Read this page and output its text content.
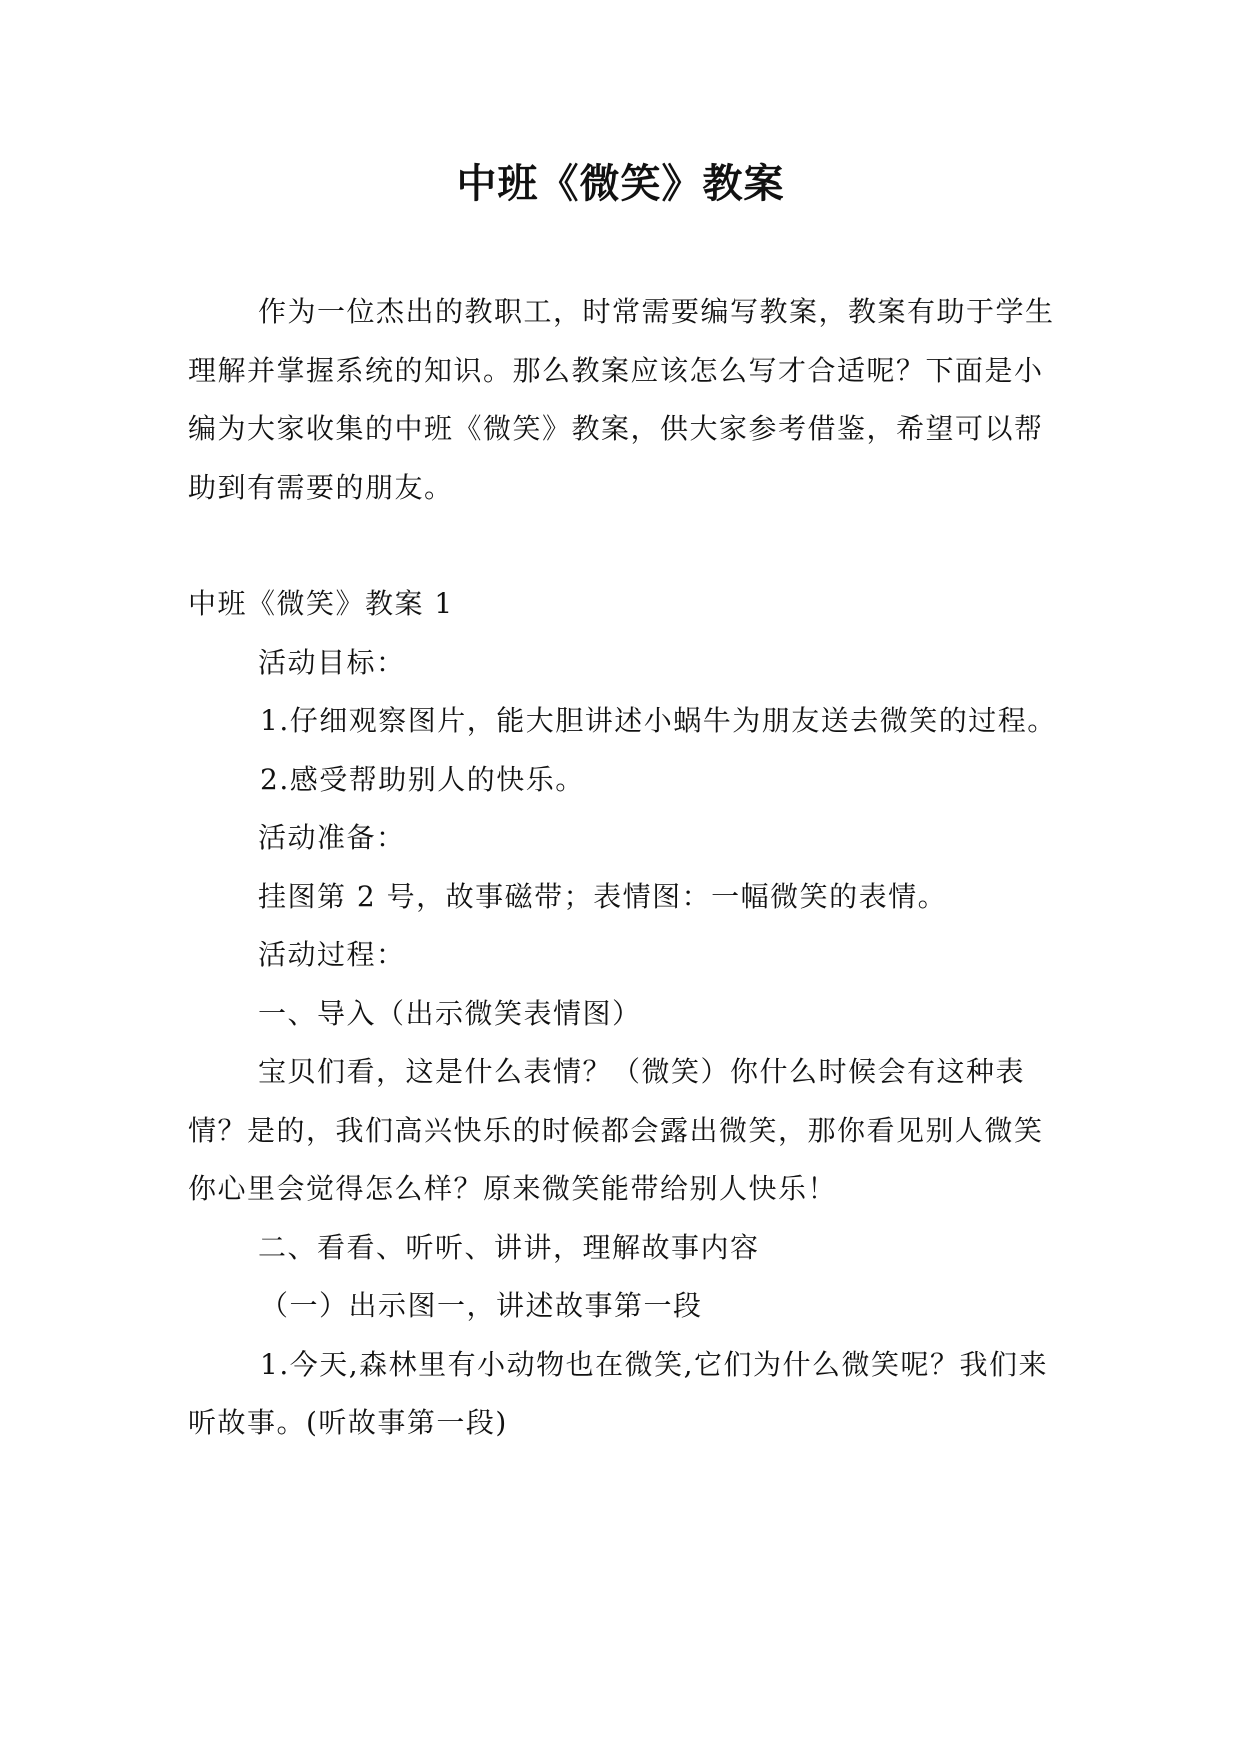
中班《微笑》教案

作为一位杰出的教职工，时常需要编写教案，教案有助于学生理解并掌握系统的知识。那么教案应该怎么写才合适呢？下面是小编为大家收集的中班《微笑》教案，供大家参考借鉴，希望可以帮助到有需要的朋友。

中班《微笑》教案 1

活动目标：

1.仔细观察图片，能大胆讲述小蜗牛为朋友送去微笑的过程。

2.感受帮助别人的快乐。

活动准备：

挂图第 2 号，故事磁带；表情图：一幅微笑的表情。

活动过程：

一、导入（出示微笑表情图）

宝贝们看，这是什么表情？（微笑）你什么时候会有这种表情？是的，我们高兴快乐的时候都会露出微笑，那你看见别人微笑你心里会觉得怎么样？原来微笑能带给别人快乐！

二、看看、听听、讲讲，理解故事内容

（一）出示图一，讲述故事第一段

1.今天,森林里有小动物也在微笑,它们为什么微笑呢？我们来听故事。(听故事第一段)
